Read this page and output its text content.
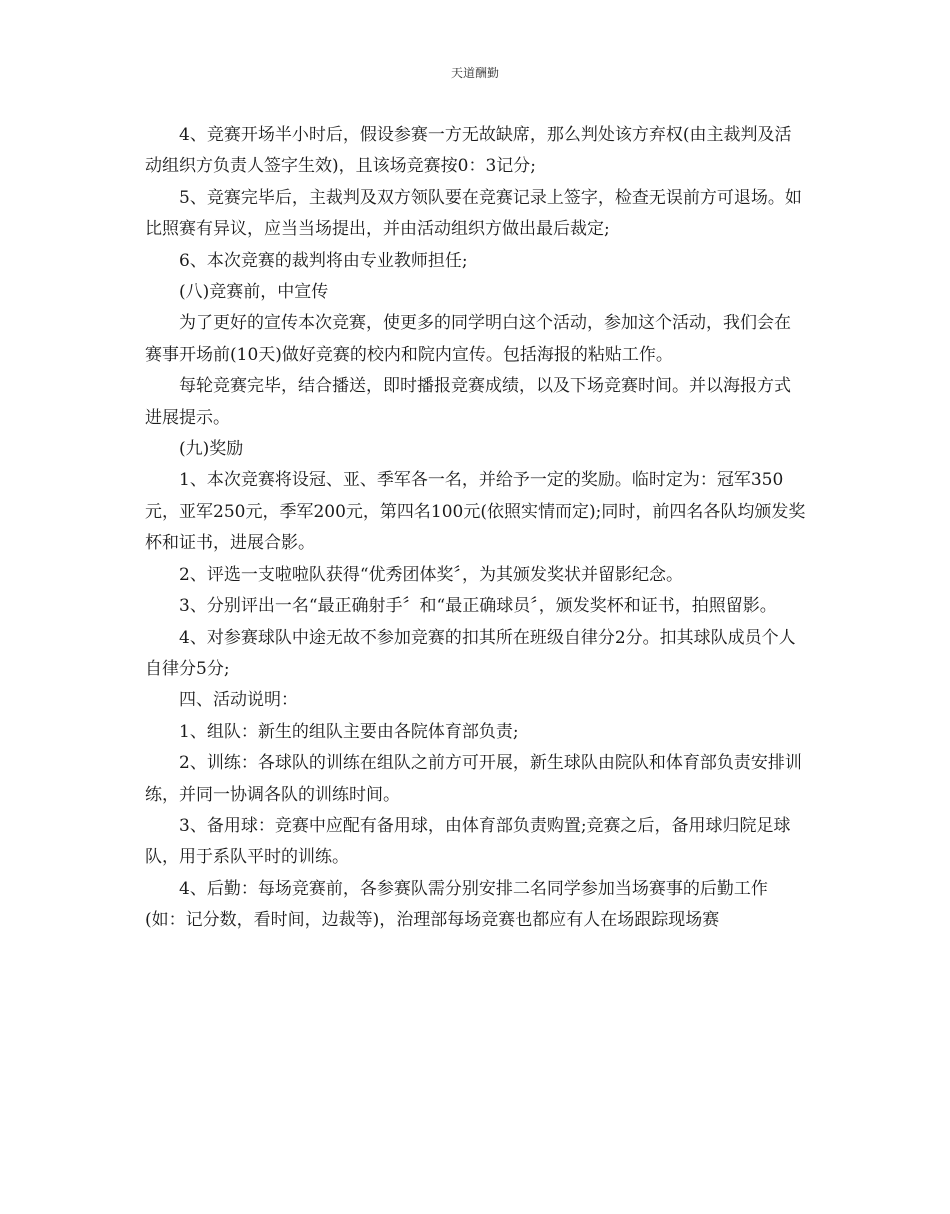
天道酬勤

4、竞赛开场半小时后，假设参赛一方无故缺席，那么判处该方弃权(由主裁判及活动组织方负责人签字生效)，且该场竞赛按0：3记分;

5、竞赛完毕后，主裁判及双方领队要在竞赛记录上签字，检查无误前方可退场。如比照赛有异议，应当当场提出，并由活动组织方做出最后裁定;

6、本次竞赛的裁判将由专业教师担任;

(八)竞赛前，中宣传

为了更好的宣传本次竞赛，使更多的同学明白这个活动，参加这个活动，我们会在赛事开场前(10天)做好竞赛的校内和院内宣传。包括海报的粘贴工作。

每轮竞赛完毕，结合播送，即时播报竞赛成绩，以及下场竞赛时间。并以海报方式进展提示。

(九)奖励

1、本次竞赛将设冠、亚、季军各一名，并给予一定的奖励。临时定为：冠军350元，亚军250元，季军200元，第四名100元(依照实情而定);同时，前四名各队均颁发奖杯和证书，进展合影。

2、评选一支啦啦队获得“优秀团体奖〞，为其颁发奖状并留影纪念。

3、分别评出一名“最正确射手〞和“最正确球员〞，颁发奖杯和证书，拍照留影。

4、对参赛球队中途无故不参加竞赛的扣其所在班级自律分2分。扣其球队成员个人自律分5分;

四、活动说明：

1、组队：新生的组队主要由各院体育部负责;

2、训练：各球队的训练在组队之前方可开展，新生球队由院队和体育部负责安排训练，并同一协调各队的训练时间。

3、备用球：竞赛中应配有备用球，由体育部负责购置;竞赛之后，备用球归院足球队，用于系队平时的训练。

4、后勤：每场竞赛前，各参赛队需分别安排二名同学参加当场赛事的后勤工作(如：记分数，看时间，边裁等)，治理部每场竞赛也都应有人在场跟踪现场赛
